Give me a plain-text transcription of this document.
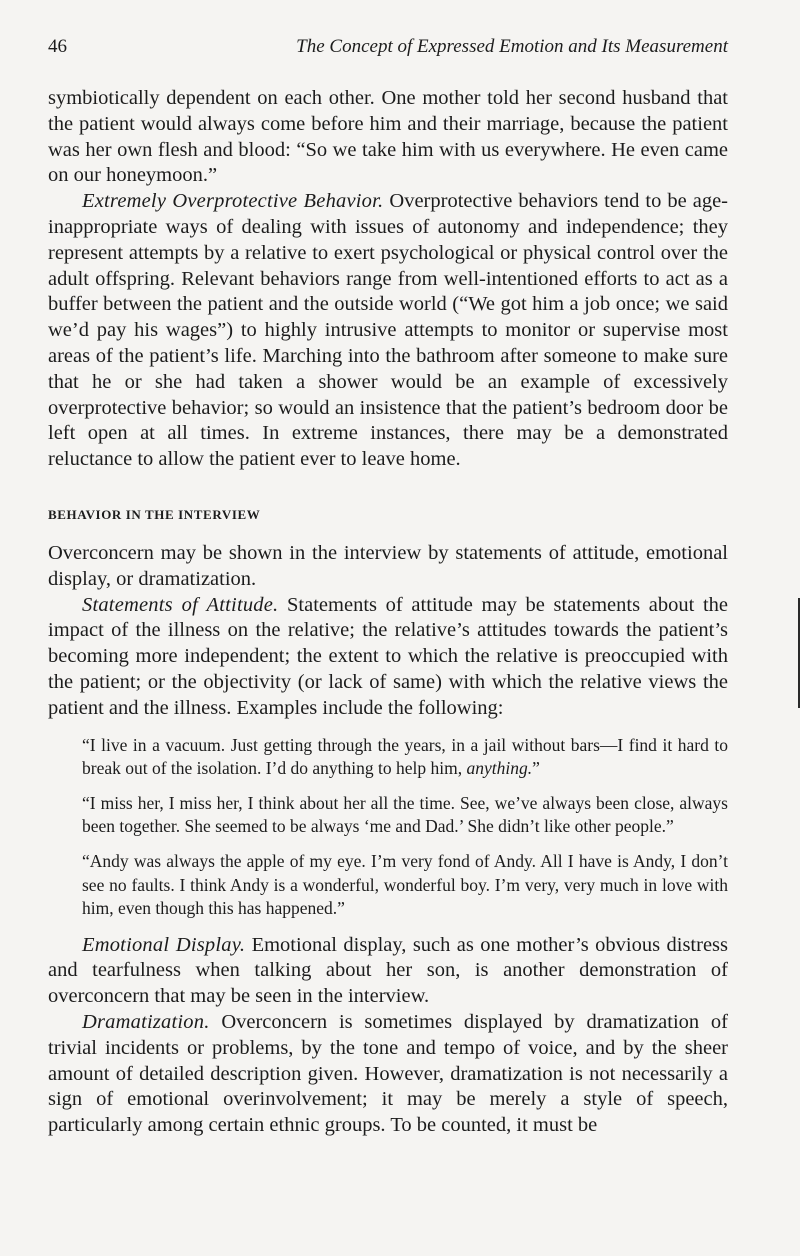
46	The Concept of Expressed Emotion and Its Measurement

symbiotically dependent on each other. One mother told her second husband that the patient would always come before him and their marriage, because the patient was her own flesh and blood: “So we take him with us everywhere. He even came on our honeymoon.”

Extremely Overprotective Behavior. Overprotective behaviors tend to be age-inappropriate ways of dealing with issues of autonomy and independence; they represent attempts by a relative to exert psychological or physical control over the adult offspring. Relevant behaviors range from well-intentioned efforts to act as a buffer between the patient and the outside world (“We got him a job once; we said we’d pay his wages”) to highly intrusive attempts to monitor or supervise most areas of the patient’s life. Marching into the bathroom after someone to make sure that he or she had taken a shower would be an example of excessively overprotective behavior; so would an insistence that the patient’s bedroom door be left open at all times. In extreme instances, there may be a demonstrated reluctance to allow the patient ever to leave home.

BEHAVIOR IN THE INTERVIEW

Overconcern may be shown in the interview by statements of attitude, emotional display, or dramatization.

Statements of Attitude. Statements of attitude may be statements about the impact of the illness on the relative; the relative’s attitudes towards the patient’s becoming more independent; the extent to which the relative is preoccupied with the patient; or the objectivity (or lack of same) with which the relative views the patient and the illness. Examples include the following:

“I live in a vacuum. Just getting through the years, in a jail without bars—I find it hard to break out of the isolation. I’d do anything to help him, anything.”

“I miss her, I miss her, I think about her all the time. See, we’ve always been close, always been together. She seemed to be always ‘me and Dad.’ She didn’t like other people.”

“Andy was always the apple of my eye. I’m very fond of Andy. All I have is Andy, I don’t see no faults. I think Andy is a wonderful, wonderful boy. I’m very, very much in love with him, even though this has happened.”

Emotional Display. Emotional display, such as one mother’s obvious distress and tearfulness when talking about her son, is another demonstration of overconcern that may be seen in the interview.

Dramatization. Overconcern is sometimes displayed by dramatization of trivial incidents or problems, by the tone and tempo of voice, and by the sheer amount of detailed description given. However, dramatization is not necessarily a sign of emotional overinvolvement; it may be merely a style of speech, particularly among certain ethnic groups. To be counted, it must be
